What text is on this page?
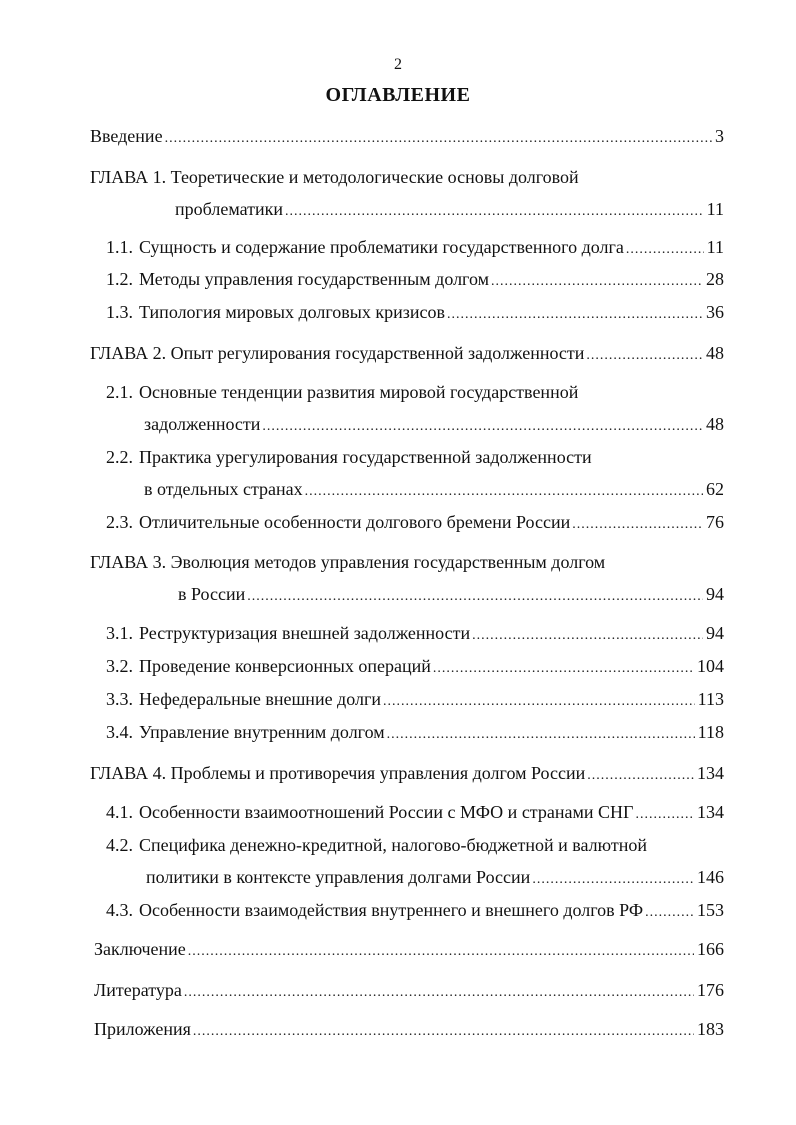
2
ОГЛАВЛЕНИЕ
Введение .....	3
ГЛАВА 1. Теоретические и методологические основы долговой
проблематики .....	11
1.1. Сущность и содержание проблематики государственного долга .....	11
1.2. Методы управления государственным долгом .....	28
1.3. Типология мировых долговых кризисов .....	36
ГЛАВА 2. Опыт регулирования государственной задолженности .....	48
2.1. Основные тенденции развития мировой государственной
задолженности .....	48
2.2. Практика урегулирования государственной задолженности
в отдельных странах .....	62
2.3. Отличительные особенности долгового бремени России .....	76
ГЛАВА 3. Эволюция методов управления государственным долгом
в России .....	94
3.1. Реструктуризация внешней задолженности .....	94
3.2. Проведение конверсионных операций .....	104
3.3. Нефедеральные внешние долги .....	113
3.4. Управление внутренним долгом .....	118
ГЛАВА 4. Проблемы и противоречия управления долгом России .....	134
4.1. Особенности взаимоотношений России с МФО и странами СНГ .....	134
4.2. Специфика денежно-кредитной, налогово-бюджетной и валютной
политики в контексте управления долгами России .....	146
4.3. Особенности взаимодействия внутреннего и внешнего долгов РФ .....	153
Заключение .....	166
Литература .....	176
Приложения .....	183
